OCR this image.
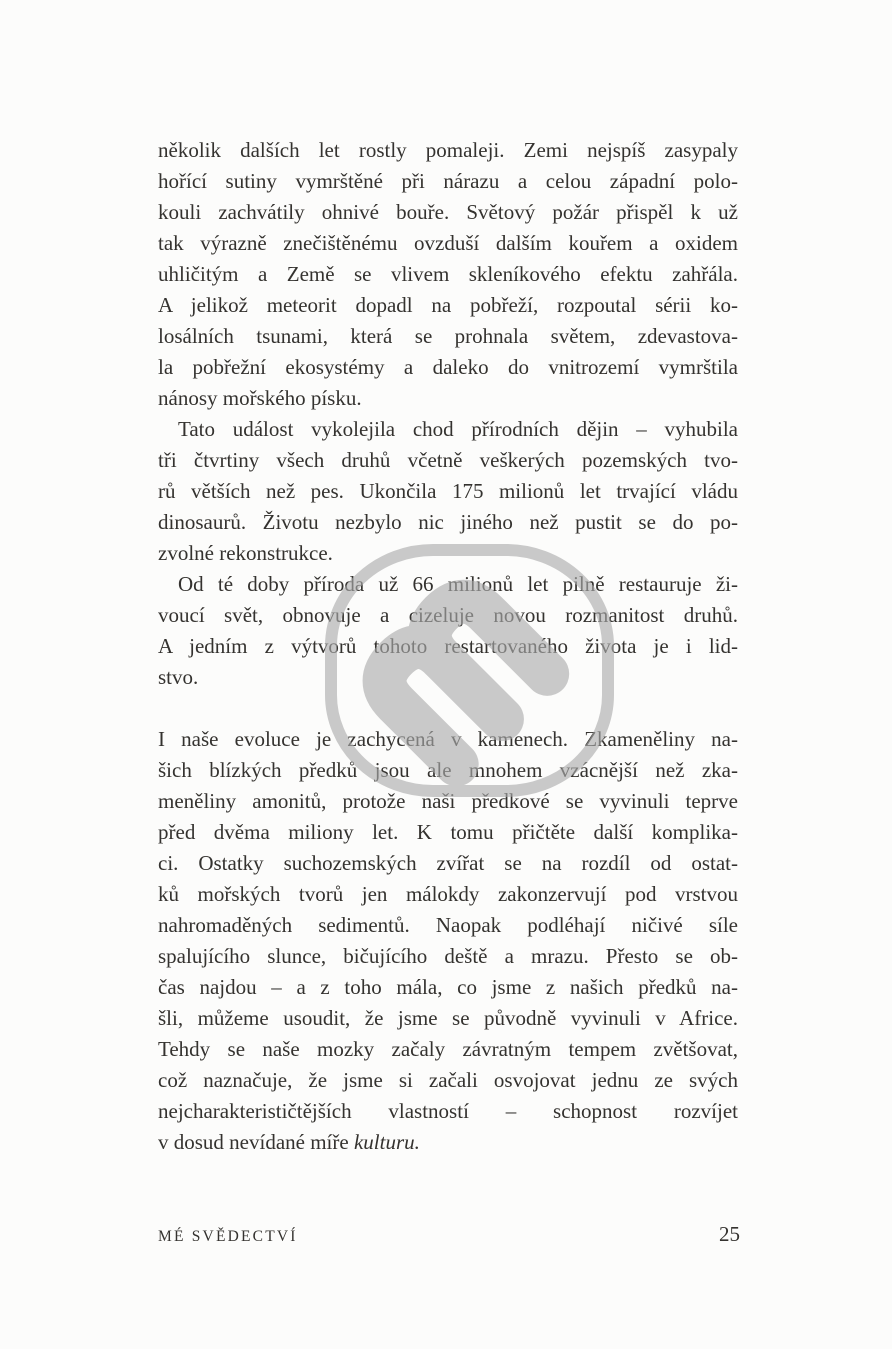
několik dalších let rostly pomaleji. Zemi nejspíš zasypaly
hořící sutiny vymrštěné při nárazu a celou západní polo-
kouli zachvátily ohnivé bouře. Světový požár přispěl k už
tak výrazně znečištěnému ovzduší dalším kouřem a oxidem
uhličitým a Země se vlivem skleníkového efektu zahřála.
A jelikož meteorit dopadl na pobřeží, rozpoutal sérii ko-
losálních tsunami, která se prohnala světem, zdevastova-
la pobřežní ekosystémy a daleko do vnitrozemí vymrštila
nánosy mořského písku.
Tato událost vykolejila chod přírodních dějin – vyhubila
tři čtvrtiny všech druhů včetně veškerých pozemských tvo-
rů větších než pes. Ukončila 175 milionů let trvající vládu
dinosaurů. Životu nezbylo nic jiného než pustit se do po-
zvolné rekonstrukce.
Od té doby příroda už 66 milionů let pilně restauruje ži-
voucí svět, obnovuje a cizeluje novou rozmanitost druhů.
A jedním z výtvorů tohoto restartovaného života je i lid-
stvo.
I naše evoluce je zachycená v kamenech. Zkameněliny na-
šich blízkých předků jsou ale mnohem vzácnější než zka-
meněliny amonitů, protože naši předkové se vyvinuli teprve
před dvěma miliony let. K tomu přičtěte další komplika-
ci. Ostatky suchozemských zvířat se na rozdíl od ostat-
ků mořských tvorů jen málokdy zakonzervují pod vrstvou
nahromaděných sedimentů. Naopak podléhají ničivé síle
spalujícího slunce, bičujícího deště a mrazu. Přesto se ob-
čas najdou – a z toho mála, co jsme z našich předků na-
šli, můžeme usoudit, že jsme se původně vyvinuli v Africe.
Tehdy se naše mozky začaly závratným tempem zvětšovat,
což naznačuje, že jsme si začali osvojovat jednu ze svých
nejcharakterističtějších vlastností – schopnost rozvíjet
v dosud nevídané míře kulturu.
MÉ SVĚDECTVÍ	25
